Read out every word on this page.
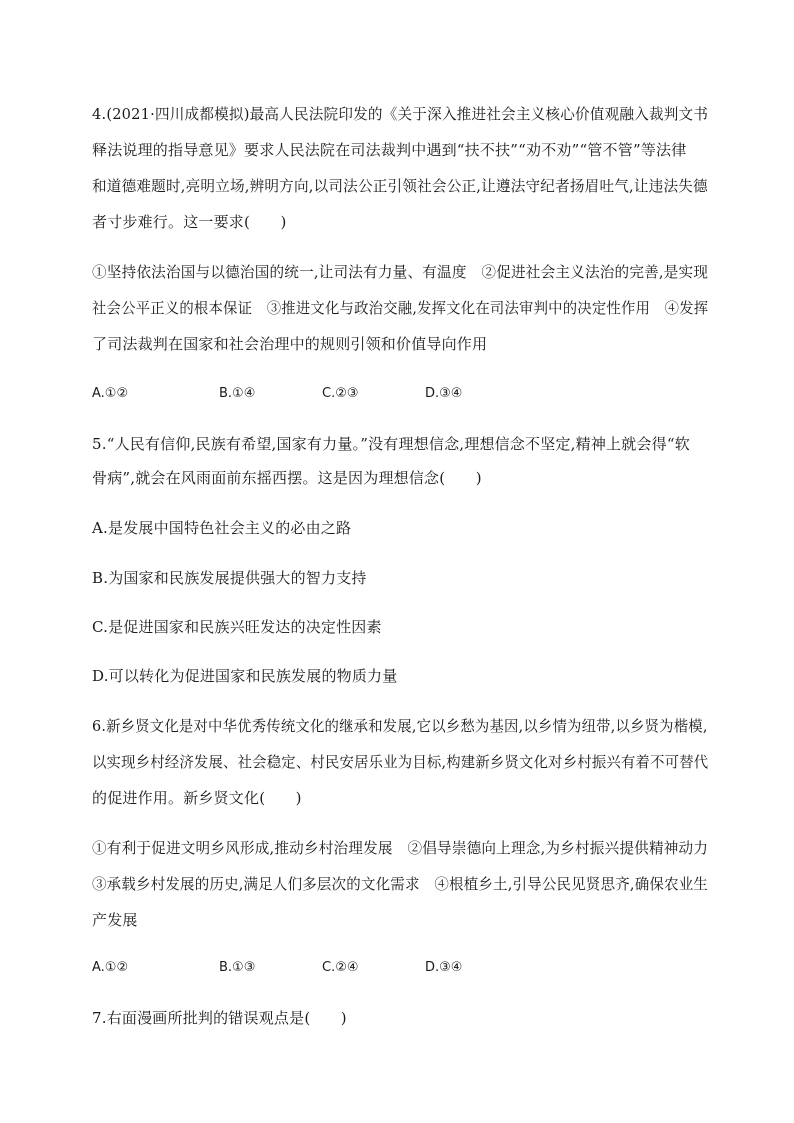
4.(2021·四川成都模拟)最高人民法院印发的《关于深入推进社会主义核心价值观融入裁判文书
释法说理的指导意见》要求人民法院在司法裁判中遇到“扶不扶”“劝不劝”“管不管”等法律
和道德难题时,亮明立场,辨明方向,以司法公正引领社会公正,让遵法守纪者扬眉吐气,让违法失德
者寸步难行。这一要求(　　)
①坚持依法治国与以德治国的统一,让司法有力量、有温度　②促进社会主义法治的完善,是实现
社会公平正义的根本保证　③推进文化与政治交融,发挥文化在司法审判中的决定性作用　④发挥
了司法裁判在国家和社会治理中的规则引领和价值导向作用
A.①②	B.①④	C.②③	D.③④
5.“人民有信仰,民族有希望,国家有力量。”没有理想信念,理想信念不坚定,精神上就会得“软
骨病”,就会在风雨面前东摇西摆。这是因为理想信念(　　)
A.是发展中国特色社会主义的必由之路
B.为国家和民族发展提供强大的智力支持
C.是促进国家和民族兴旺发达的决定性因素
D.可以转化为促进国家和民族发展的物质力量
6.新乡贤文化是对中华优秀传统文化的继承和发展,它以乡愁为基因,以乡情为纽带,以乡贤为楷模,
以实现乡村经济发展、社会稳定、村民安居乐业为目标,构建新乡贤文化对乡村振兴有着不可替代
的促进作用。新乡贤文化(　　)
①有利于促进文明乡风形成,推动乡村治理发展　②倡导崇德向上理念,为乡村振兴提供精神动力
③承载乡村发展的历史,满足人们多层次的文化需求　④根植乡土,引导公民见贤思齐,确保农业生
产发展
A.①②	B.①③	C.②④	D.③④
7.右面漫画所批判的错误观点是(　　)
